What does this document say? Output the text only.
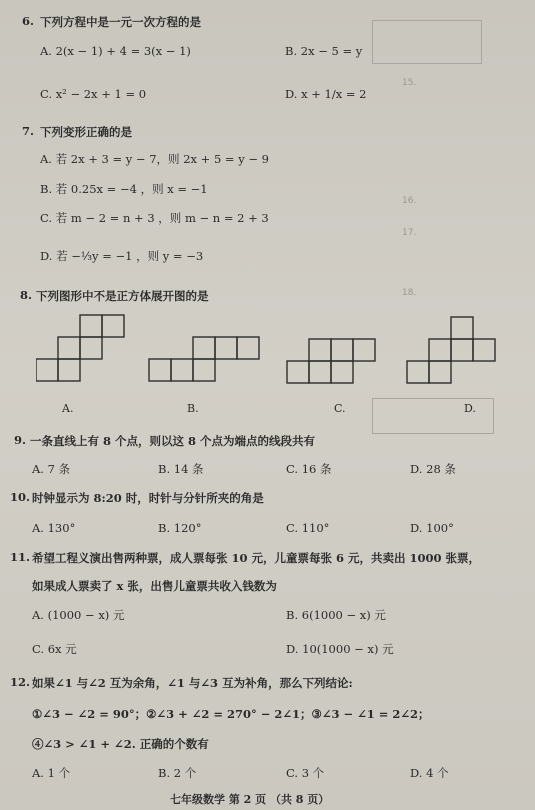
15.
16.
17.
18.
6. 下列方程中是一元一次方程的是
A. 2(x − 1) + 4 = 3(x − 1)	B. 2x − 5 = y
C. x² − 2x + 1 = 0	D. x + 1/x = 2
7. 下列变形正确的是
A. 若 2x + 3 = y − 7，则 2x + 5 = y − 9
B. 若 0.25x = −4 ，则 x = −1
C. 若 m − 2 = n + 3 ，则 m − n = 2 + 3
D. 若 −⅓y = −1 ，则 y = −3
8. 下列图形中不是正方体展开图的是
A.	B.	C.	D.
9. 一条直线上有 8 个点，则以这 8 个点为端点的线段共有
A. 7 条	B. 14 条	C. 16 条	D. 28 条
10. 时钟显示为 8:20 时，时针与分针所夹的角是
A. 130°	B. 120°	C. 110°	D. 100°
11. 希望工程义演出售两种票，成人票每张 10 元，儿童票每张 6 元，共卖出 1000 张票，
如果成人票卖了 x 张，出售儿童票共收入钱数为
A. (1000 − x) 元	B. 6(1000 − x) 元
C. 6x 元	D. 10(1000 − x) 元
12. 如果∠1 与∠2 互为余角，∠1 与∠3 互为补角，那么下列结论:
①∠3 − ∠2 = 90°；②∠3 + ∠2 = 270° − 2∠1；③∠3 − ∠1 = 2∠2；
④∠3 > ∠1 + ∠2. 正确的个数有
A. 1 个	B. 2 个	C. 3 个	D. 4 个
七年级数学 第 2 页 （共 8 页）
